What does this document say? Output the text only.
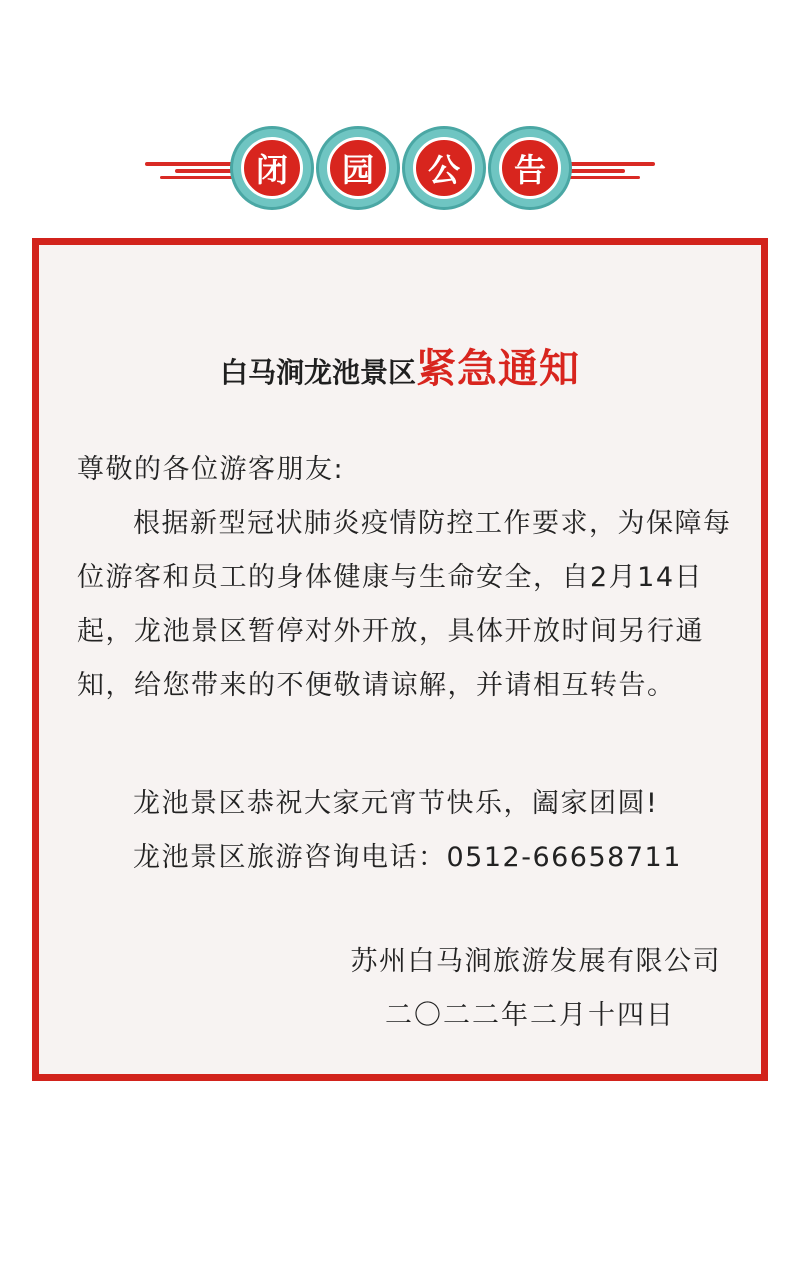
闭	园	公	告
白马涧龙池景区紧急通知
尊敬的各位游客朋友:
根据新型冠状肺炎疫情防控工作要求，为保障每位游客和员工的身体健康与生命安全，自2月14日起，龙池景区暂停对外开放，具体开放时间另行通知，给您带来的不便敬请谅解，并请相互转告。
龙池景区恭祝大家元宵节快乐，阖家团圆!
龙池景区旅游咨询电话：0512-66658711
苏州白马涧旅游发展有限公司
二〇二二年二月十四日
